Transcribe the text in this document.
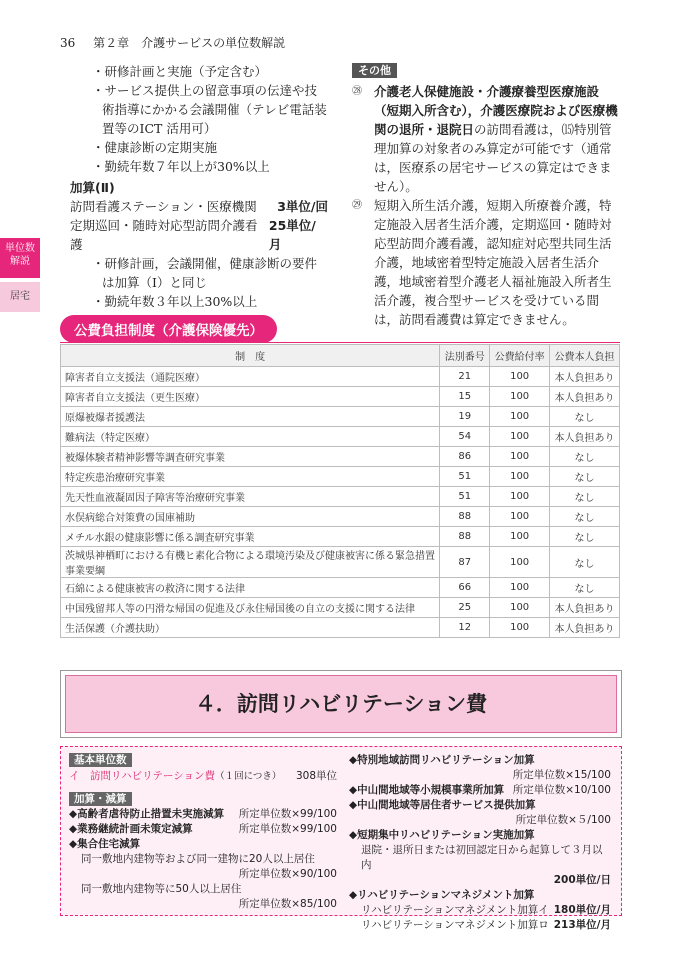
36 第２章　介護サービスの単位数解説
単位数
解説
居宅
・研修計画と実施（予定含む）
・サービス提供上の留意事項の伝達や技術指導にかかる会議開催（テレビ電話装置等のICT 活用可）
・健康診断の定期実施
・勤続年数７年以上が30%以上
加算(Ⅱ)
訪問看護ステーション・医療機関 3単位/回
定期巡回・随時対応型訪問介護看護
25単位/月
・研修計画，会議開催，健康診断の要件は加算（Ⅰ）と同じ
・勤続年数３年以上30%以上
その他
㉘ 介護老人保健施設・介護療養型医療施設（短期入所含む），介護医療院および医療機関の退所・退院日の訪問看護は，⒂特別管理加算の対象者のみ算定が可能です（通常は，医療系の居宅サービスの算定はできません）。
㉙ 短期入所生活介護，短期入所療養介護，特定施設入居者生活介護，定期巡回・随時対応型訪問介護看護，認知症対応型共同生活介護，地域密着型特定施設入居者生活介護，地域密着型介護老人福祉施設入所者生活介護，複合型サービスを受けている間は，訪問看護費は算定できません。
公費負担制度（介護保険優先）
制　度	法別番号	公費給付率	公費本人負担
障害者自立支援法（通院医療）	21	100	本人負担あり
障害者自立支援法（更生医療）	15	100	本人負担あり
原爆被爆者援護法	19	100	なし
難病法（特定医療）	54	100	本人負担あり
被爆体験者精神影響等調査研究事業	86	100	なし
特定疾患治療研究事業	51	100	なし
先天性血液凝固因子障害等治療研究事業	51	100	なし
水俣病総合対策費の国庫補助	88	100	なし
メチル水銀の健康影響に係る調査研究事業	88	100	なし
茨城県神栖町における有機ヒ素化合物による環境汚染及び健康被害に係る緊急措置事業要綱	87	100	なし
石綿による健康被害の救済に関する法律	66	100	なし
中国残留邦人等の円滑な帰国の促進及び永住帰国後の自立の支援に関する法律	25	100	本人負担あり
生活保護（介護扶助）	12	100	本人負担あり
４．訪問リハビリテーション費
基本単位数
イ　訪問リハビリテーション費（１回につき） 308単位
加算・減算
◆高齢者虐待防止措置未実施減算 所定単位数×99/100
◆業務継続計画未策定減算	所定単位数×99/100
◆集合住宅減算
同一敷地内建物等および同一建物に20人以上居住
所定単位数×90/100
同一敷地内建物等に50人以上居住
所定単位数×85/100
◆特別地域訪問リハビリテーション加算
所定単位数×15/100
◆中山間地域等小規模事業所加算 所定単位数×10/100
◆中山間地域等居住者サービス提供加算
所定単位数×５/100
◆短期集中リハビリテーション実施加算
退院・退所日または初回認定日から起算して３月以内
200単位/日
◆リハビリテーションマネジメント加算
リハビリテーションマネジメント加算イ 180単位/月
リハビリテーションマネジメント加算ロ 213単位/月
